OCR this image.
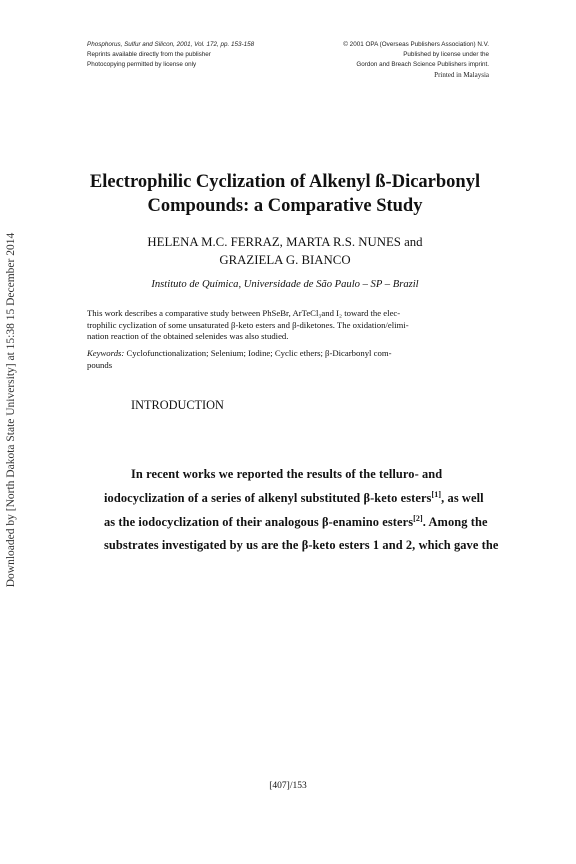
Downloaded by [North Dakota State University] at 15:38 15 December 2014
Phosphorus, Sulfur and Silicon, 2001, Vol. 172, pp. 153-158
Reprints available directly from the publisher
Photocopying permitted by license only
© 2001 OPA (Overseas Publishers Association) N.V.
Published by license under the
Gordon and Breach Science Publishers imprint.
Printed in Malaysia
Electrophilic Cyclization of Alkenyl ß-Dicarbonyl
Compounds: a Comparative Study
HELENA M.C. FERRAZ, MARTA R.S. NUNES and
GRAZIELA G. BIANCO
Instituto de Química, Universidade de São Paulo – SP – Brazil
This work describes a comparative study between PhSeBr, ArTeCl₃and I₂ toward the elec-
trophilic cyclization of some unsaturated β-keto esters and β-diketones. The oxidation/elimi-
nation reaction of the obtained selenides was also studied.
Keywords: Cyclofunctionalization; Selenium; Iodine; Cyclic ethers; β-Dicarbonyl com-
pounds
INTRODUCTION
In recent works we reported the results of the telluro- and
iodocyclization of a series of alkenyl substituted β-keto esters[1], as well
as the iodocyclization of their analogous β-enamino esters[2]. Among the
substrates investigated by us are the β-keto esters 1 and 2, which gave the
[407]/153
